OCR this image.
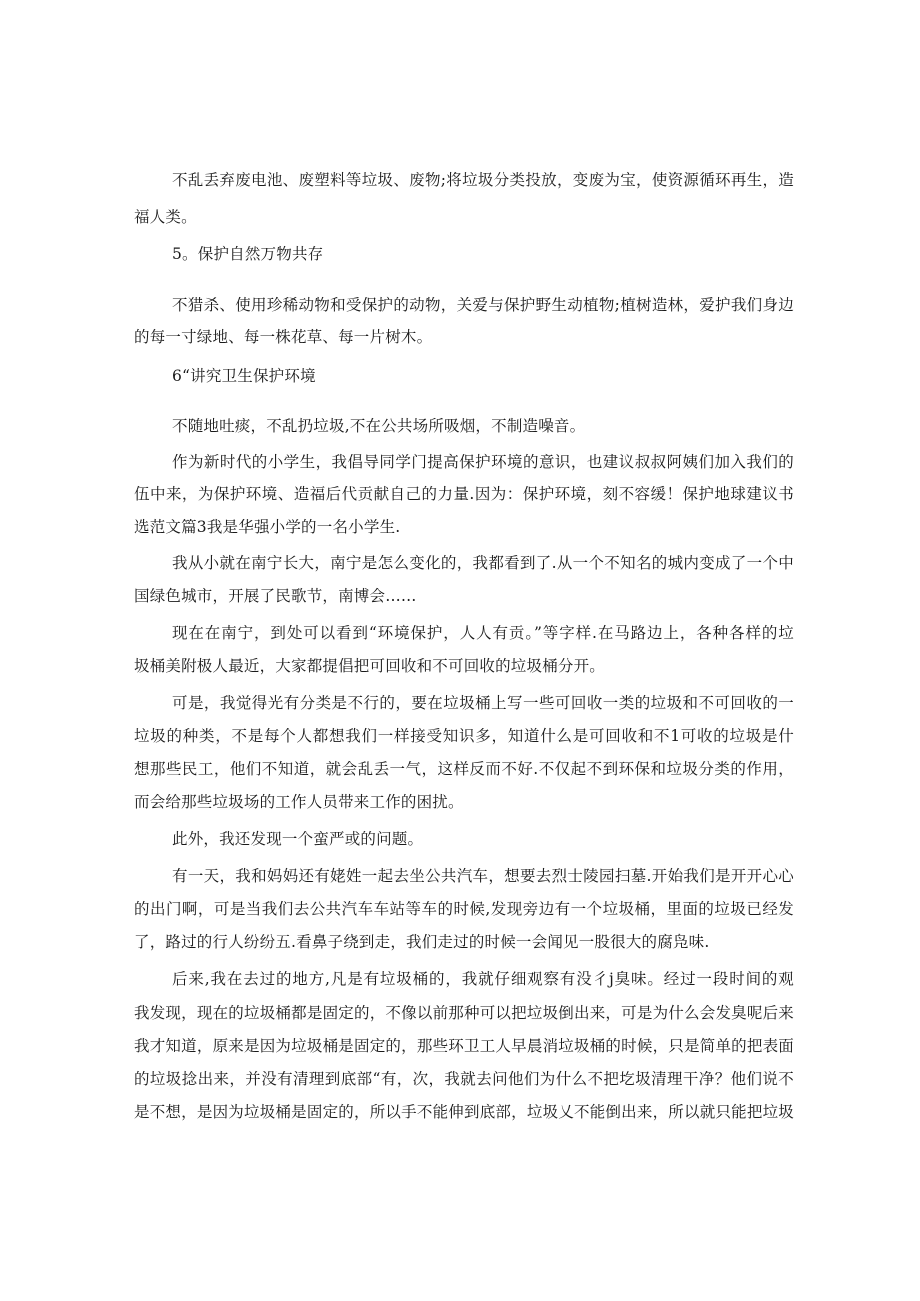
不乱丢弃废电池、废塑料等垃圾、废物;将垃圾分类投放，变废为宝，使资源循环再生，造
福人类。
5。保护自然万物共存
不猎杀、使用珍稀动物和受保护的动物，关爱与保护野生动植物;植树造林，爱护我们身边
的每一寸绿地、每一株花草、每一片树木。
6“讲究卫生保护环境
不随地吐痰，不乱扔垃圾,不在公共场所吸烟，不制造噪音。
作为新时代的小学生，我倡导同学门提高保护环境的意识，也建议叔叔阿姨们加入我们的
伍中来，为保护环境、造福后代贡献自己的力量.因为：保护环境，刻不容缓！保护地球建议书
选范文篇3我是华强小学的一名小学生.
我从小就在南宁长大，南宁是怎么变化的，我都看到了.从一个不知名的城内变成了一个中
国绿色城市，开展了民歌节，南博会……
现在在南宁，到处可以看到“环境保护，人人有贡。”等字样.在马路边上，各种各样的垃
圾桶美附极人最近，大家都提倡把可回收和不可回收的垃圾桶分开。
可是，我觉得光有分类是不行的，要在垃圾桶上写一些可回收一类的垃圾和不可回收的一
垃圾的种类，不是每个人都想我们一样接受知识多，知道什么是可回收和不1可收的垃圾是什
想那些民工，他们不知道，就会乱丢一气，这样反而不好.不仅起不到环保和垃圾分类的作用，
而会给那些垃圾场的工作人员带来工作的困扰。
此外，我还发现一个蛮严或的问题。
有一天，我和妈妈还有姥姓一起去坐公共汽车，想要去烈士陵园扫墓.开始我们是开开心心
的出门啊，可是当我们去公共汽车车站等车的时候,发现旁边有一个垃圾桶，里面的垃圾已经发
了，路过的行人纷纷五.看鼻子绕到走，我们走过的时候一会闻见一股很大的腐凫味.
后来,我在去过的地方,凡是有垃圾桶的，我就仔细观察有没彳j臭味。经过一段时间的观
我发现，现在的垃圾桶都是固定的，不像以前那种可以把垃圾倒出来，可是为什么会发臭呢后来
我才知道，原来是因为垃圾桶是固定的，那些环卫工人早晨消垃圾桶的时候，只是简单的把表面
的垃圾捻出来，并没有清理到底部“有，次，我就去问他们为什么不把圪圾清理干净？他们说不
是不想，是因为垃圾桶是固定的，所以手不能伸到底部，垃圾乂不能倒出来，所以就只能把垃圾
